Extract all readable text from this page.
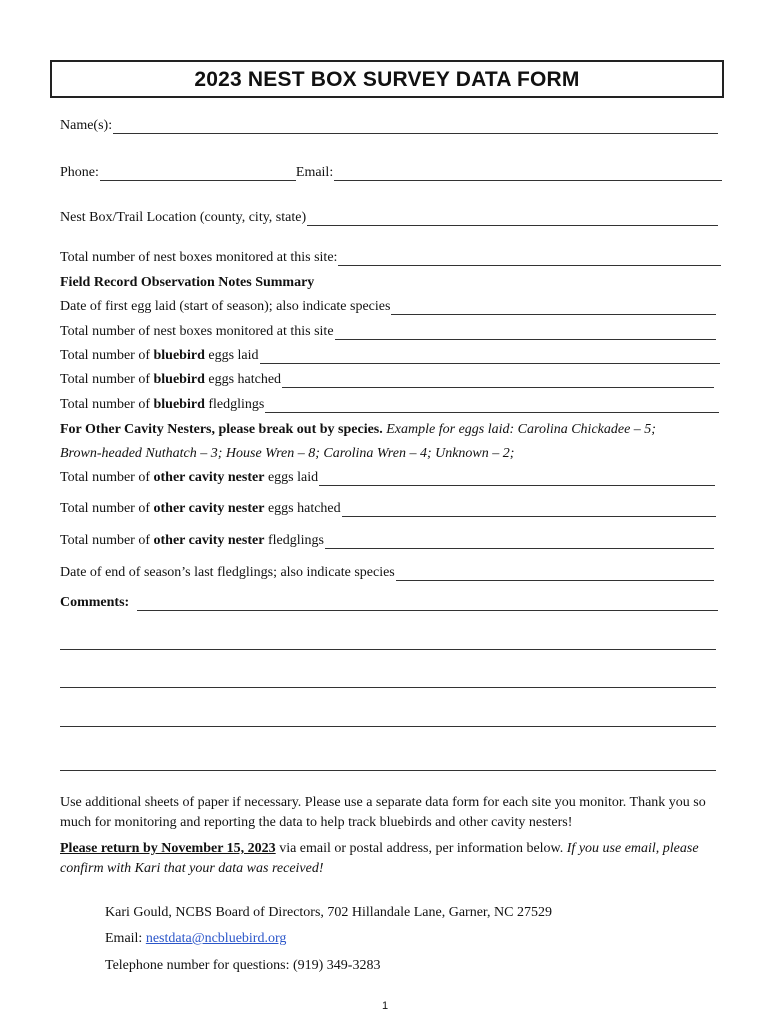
2023 NEST BOX SURVEY DATA FORM
Name(s):
Phone:	Email:
Nest Box/Trail Location (county, city, state)
Total number of nest boxes monitored at this site:
Field Record Observation Notes Summary
Date of first egg laid (start of season); also indicate species
Total number of nest boxes monitored at this site
Total number of
bluebird
eggs laid
Total number of
bluebird
eggs hatched
Total number of
bluebird
fledglings
For Other Cavity Nesters, please break out by species. Example for eggs laid: Carolina Chickadee – 5;
Brown-headed Nuthatch – 3; House Wren – 8; Carolina Wren – 4; Unknown – 2;
Total number of
other cavity nester
eggs laid
Total number of
other cavity nester
eggs hatched
Total number of
other cavity nester
fledglings
Date of end of season’s last fledglings; also indicate species
Comments:
Use additional sheets of paper if necessary. Please use a separate data form for each site you monitor. Thank you so much for monitoring and reporting the data to help track bluebirds and other cavity nesters!
Please return by November 15, 2023 via email or postal address, per information below. If you use email, please confirm with Kari that your data was received!
Kari Gould, NCBS Board of Directors, 702 Hillandale Lane, Garner, NC 27529
Email: nestdata@ncbluebird.org
Telephone number for questions: (919) 349-3283
1
